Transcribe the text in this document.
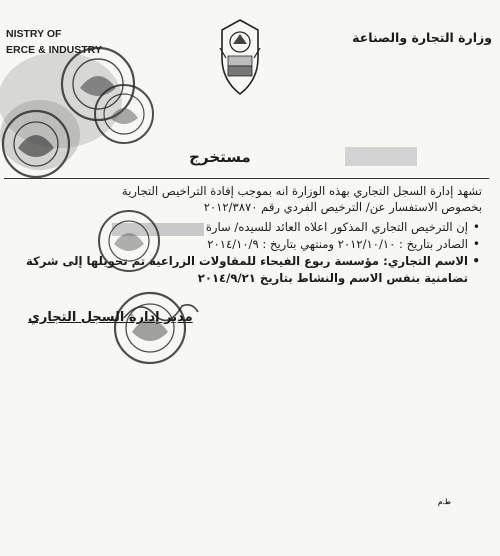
NISTRY OF
ERCE & INDUSTRY
وزارة التجارة والصناعة
مستخرج

تشهد إدارة السجل التجاري بهذه الوزارة انه بموجب إفادة التراخيص التجارية

بخصوص الاستفسار عن/ الترخيص الفردي رقم ٢٠١٢/٣٨٧٠

• إن الترخيص التجاري المذكور اعلاه العائد للسيده/ سارة
• الصادر بتاريخ : ٢٠١٢/١٠/١٠ ومنتهي بتاريخ : ٢٠١٤/١٠/٩
• الاسم التجاري: مؤسسة ربوع الفيحاء للمقاولات الزراعية تم تحويلها إلى شركة تضامنية بنفس الاسم والنشاط بتاريخ ٢٠١٤/٩/٢١
مدير إدارة السجل التجاري
ط.م
